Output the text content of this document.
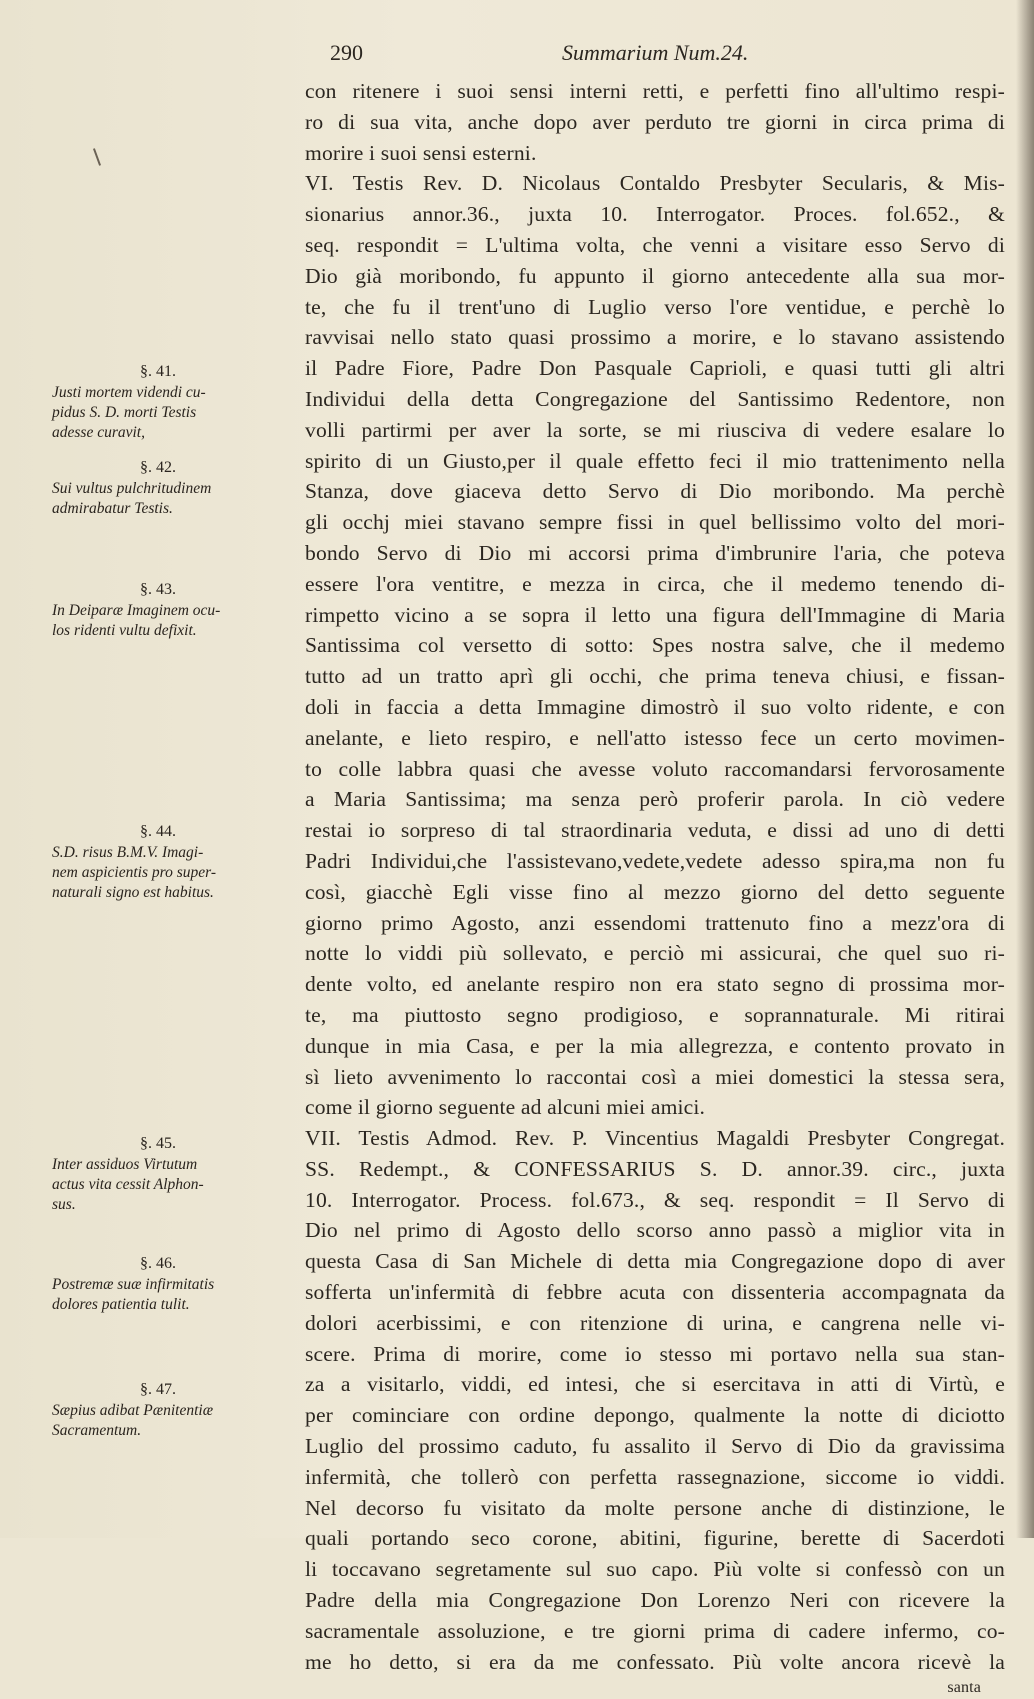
290	Summarium Num.24.
con ritenere i suoi sensi interni retti, e perfetti fino all'ultimo respi-
ro di sua vita, anche dopo aver perduto tre giorni in circa prima di
morire i suoi sensi esterni.
VI. Testis Rev. D. Nicolaus Contaldo Presbyter Secularis, & Mis-
sionarius annor.36., juxta 10. Interrogator. Proces. fol.652., &
seq. respondit = L'ultima volta, che venni a visitare esso Servo di
Dio già moribondo, fu appunto il giorno antecedente alla sua mor-
te, che fu il trent'uno di Luglio verso l'ore ventidue, e perchè lo
ravvisai nello stato quasi prossimo a morire, e lo stavano assistendo
il Padre Fiore, Padre Don Pasquale Caprioli, e quasi tutti gli altri
Individui della detta Congregazione del Santissimo Redentore, non
volli partirmi per aver la sorte, se mi riusciva di vedere esalare lo
spirito di un Giusto,per il quale effetto feci il mio trattenimento nella
Stanza, dove giaceva detto Servo di Dio moribondo. Ma perchè
gli occhj miei stavano sempre fissi in quel bellissimo volto del mori-
bondo Servo di Dio mi accorsi prima d'imbrunire l'aria, che poteva
essere l'ora ventitre, e mezza in circa, che il medemo tenendo di-
rimpetto vicino a se sopra il letto una figura dell'Immagine di Maria
Santissima col versetto di sotto: Spes nostra salve, che il medemo
tutto ad un tratto aprì gli occhi, che prima teneva chiusi, e fissan-
doli in faccia a detta Immagine dimostrò il suo volto ridente, e con
anelante, e lieto respiro, e nell'atto istesso fece un certo movimen-
to colle labbra quasi che avesse voluto raccomandarsi fervorosamente
a Maria Santissima; ma senza però proferir parola. In ciò vedere
restai io sorpreso di tal straordinaria veduta, e dissi ad uno di detti
Padri Individui,che l'assistevano,vedete,vedete adesso spira,ma non fu
così, giacchè Egli visse fino al mezzo giorno del detto seguente
giorno primo Agosto, anzi essendomi trattenuto fino a mezz'ora di
notte lo viddi più sollevato, e perciò mi assicurai, che quel suo ri-
dente volto, ed anelante respiro non era stato segno di prossima mor-
te, ma piuttosto segno prodigioso, e soprannaturale. Mi ritirai
dunque in mia Casa, e per la mia allegrezza, e contento provato in
sì lieto avvenimento lo raccontai così a miei domestici la stessa sera,
come il giorno seguente ad alcuni miei amici.
VII. Testis Admod. Rev. P. Vincentius Magaldi Presbyter Congregat.
SS. Redempt., & CONFESSARIUS S. D. annor.39. circ., juxta
10. Interrogator. Process. fol.673., & seq. respondit = Il Servo di
Dio nel primo di Agosto dello scorso anno passò a miglior vita in
questa Casa di San Michele di detta mia Congregazione dopo di aver
sofferta un'infermità di febbre acuta con dissenteria accompagnata da
dolori acerbissimi, e con ritenzione di urina, e cangrena nelle vi-
scere. Prima di morire, come io stesso mi portavo nella sua stan-
za a visitarlo, viddi, ed intesi, che si esercitava in atti di Virtù, e
per cominciare con ordine depongo, qualmente la notte di diciotto
Luglio del prossimo caduto, fu assalito il Servo di Dio da gravissima
infermità, che tollerò con perfetta rassegnazione, siccome io viddi.
Nel decorso fu visitato da molte persone anche di distinzione, le
quali portando seco corone, abitini, figurine, berette di Sacerdoti
li toccavano segretamente sul suo capo. Più volte si confessò con un
Padre della mia Congregazione Don Lorenzo Neri con ricevere la
sacramentale assoluzione, e tre giorni prima di cadere infermo, co-
me ho detto, si era da me confessato. Più volte ancora ricevè la
santa
§. 41.
Justi mortem videndi cu-
pidus S. D. morti Testis
adesse curavit,
§. 42.
Sui vultus pulchritudinem
admirabatur Testis.
§. 43.
In Deiparæ Imaginem ocu-
los ridenti vultu defixit.
§. 44.
S.D. risus B.M.V. Imagi-
nem aspicientis pro super-
naturali signo est habitus.
§. 45.
Inter assiduos Virtutum
actus vita cessit Alphon-
sus.
§. 46.
Postremæ suæ infirmitatis
dolores patientia tulit.
§. 47.
Sæpius adibat Pænitentiæ
Sacramentum.
